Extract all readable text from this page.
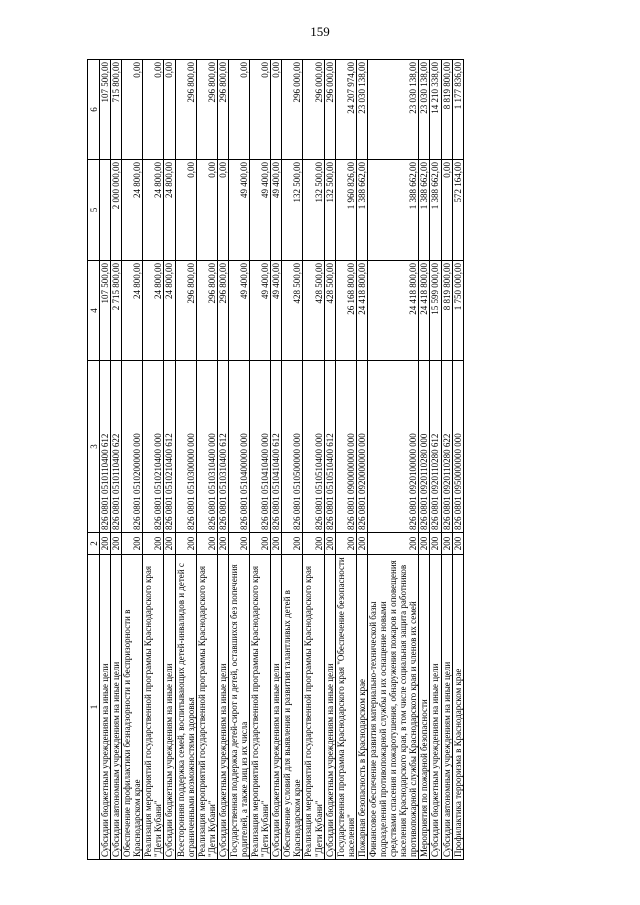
159
1	2	3	4	5	6
Субсидии бюджетным учреждениям на иные цели	200	826 0801 0510110400 612	107 500,00		107 500,00
Субсидии автономным учреждениям на иные цели	200	826 0801 0510110400 622	2 715 800,00	2 000 000,00	715 800,00
Обеспечение профилактики безнадзорности и беспризорности в Краснодарском крае	200	826 0801 0510200000 000	24 800,00	24 800,00	0,00
Реализация мероприятий государственной программы Краснодарского края "Дети Кубани"	200	826 0801 0510210400 000	24 800,00	24 800,00	0,00
Субсидии бюджетным учреждениям на иные цели	200	826 0801 0510210400 612	24 800,00	24 800,00	0,00
Всесторонняя поддержка семей, воспитывающих детей-инвалидов и детей с ограниченными возможностями здоровья	200	826 0801 0510300000 000	296 800,00	0,00	296 800,00
Реализация мероприятий государственной программы Краснодарского края "Дети Кубани"	200	826 0801 0510310400 000	296 800,00	0,00	296 800,00
Субсидии бюджетным учреждениям на иные цели	200	826 0801 0510310400 612	296 800,00	0,00	296 800,00
Государственная поддержка детей-сирот и детей, оставшихся без попечения родителей, а также лиц из их числа	200	826 0801 0510400000 000	49 400,00	49 400,00	0,00
Реализация мероприятий государственной программы Краснодарского края "Дети Кубани"	200	826 0801 0510410400 000	49 400,00	49 400,00	0,00
Субсидии бюджетным учреждениям на иные цели	200	826 0801 0510410400 612	49 400,00	49 400,00	0,00
Обеспечение условий для выявления и развития талантливых детей в Краснодарском крае	200	826 0801 0510500000 000	428 500,00	132 500,00	296 000,00
Реализация мероприятий государственной программы Краснодарского края "Дети Кубани"	200	826 0801 0510510400 000	428 500,00	132 500,00	296 000,00
Субсидии бюджетным учреждениям на иные цели	200	826 0801 0510510400 612	428 500,00	132 500,00	296 000,00
Государственная программа Краснодарского края "Обеспечение безопасности населения"	200	826 0801 0900000000 000	26 168 800,00	1 960 826,00	24 207 974,00
Пожарная безопасность в Краснодарском крае	200	826 0801 0920000000 000	24 418 800,00	1 388 662,00	23 030 138,00
Финансовое обеспечение развития материально-технической базы подразделений противопожарной службы и их оснащение новыми средствами спасения и пожаротушения, обнаружения пожаров и оповещения населения Краснодарского края, в том числе социальная защита работников противопожарной службы Краснодарского края и членов их семей	200	826 0801 0920100000 000	24 418 800,00	1 388 662,00	23 030 138,00
Мероприятия по пожарной безопасности	200	826 0801 0920110280 000	24 418 800,00	1 388 662,00	23 030 138,00
Субсидии бюджетным учреждениям на иные цели	200	826 0801 0920110280 612	15 599 000,00	1 388 662,00	14 210 338,00
Субсидии автономным учреждениям на иные цели	200	826 0801 0920110280 622	8 819 800,00	0,00	8 819 800,00
Профилактика терроризма в Краснодарском крае	200	826 0801 0950000000 000	1 750 000,00	572 164,00	1 177 836,00
